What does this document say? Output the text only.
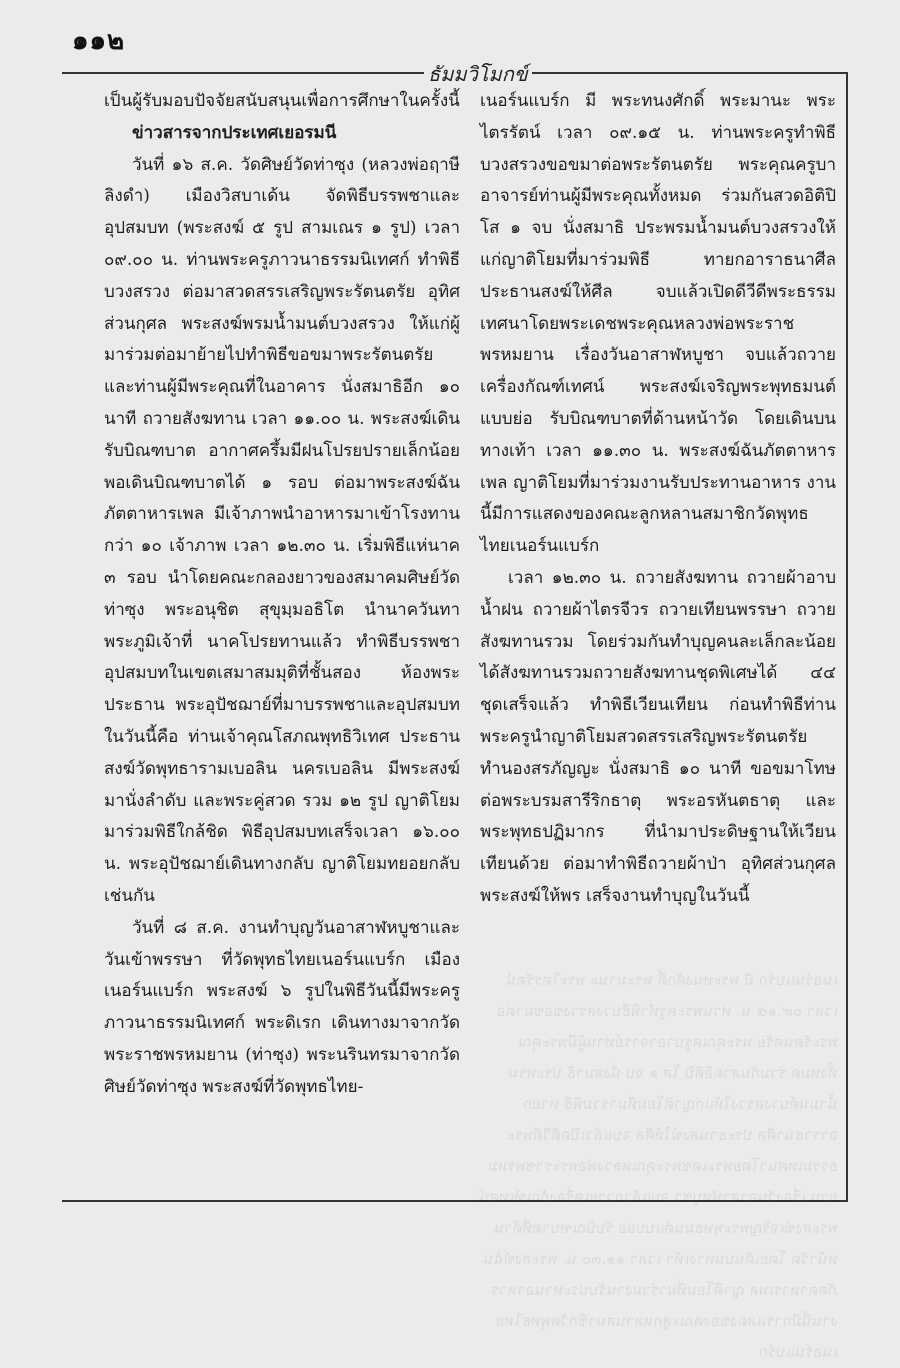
๑๑๒
ธัมมวิโมกข์

เป็นผู้รับมอบปัจจัยสนับสนุนเพื่อการศึกษาในครั้งนี้

ข่าวสารจากประเทศเยอรมนี

วันที่ ๑๖ ส.ค. วัดศิษย์วัดท่าซุง (หลวงพ่อฤาษีลิงดำ) เมืองวิสบาเด้น จัดพิธีบรรพชาและอุปสมบท (พระสงฆ์ ๕ รูป สามเณร ๑ รูป) เวลา ๐๙.๐๐ น. ท่านพระครูภาวนาธรรมนิเทศก์ ทำพิธีบวงสรวง ต่อมาสวดสรรเสริญพระรัตนตรัย อุทิศส่วนกุศล พระสงฆ์พรมน้ำมนต์บวงสรวง ให้แก่ผู้มาร่วมต่อมาย้ายไปทำพิธีขอขมาพระรัตนตรัย และท่านผู้มีพระคุณที่ในอาคาร นั่งสมาธิอีก ๑๐ นาที ถวายสังฆทาน เวลา ๑๑.๐๐ น. พระสงฆ์เดินรับบิณฑบาต อากาศครึ้มมีฝนโปรยปรายเล็กน้อย พอเดินบิณฑบาตได้ ๑ รอบ ต่อมาพระสงฆ์ฉันภัตตาหารเพล มีเจ้าภาพนำอาหารมาเข้าโรงทานกว่า ๑๐ เจ้าภาพ เวลา ๑๒.๓๐ น. เริ่มพิธีแห่นาค ๓ รอบ นำโดยคณะกลองยาวของสมาคมศิษย์วัดท่าซุง พระอนุชิต สุขุมฺมอธิโต นำนาควันทาพระภูมิเจ้าที่ นาคโปรยทานแล้ว ทำพิธีบรรพชาอุปสมบทในเขตเสมาสมมุติที่ชั้นสอง ห้องพระประธาน พระอุปัชฌาย์ที่มาบรรพชาและอุปสมบทในวันนี้คือ ท่านเจ้าคุณโสภณพุทธิวิเทศ ประธานสงฆ์วัดพุทธารามเบอลิน นครเบอลิน มีพระสงฆ์มานั่งลำดับ และพระคู่สวด รวม ๑๒ รูป ญาติโยมมาร่วมพิธีใกล้ชิด พิธีอุปสมบทเสร็จเวลา ๑๖.๐๐ น. พระอุปัชฌาย์เดินทางกลับ ญาติโยมทยอยกลับเช่นกัน

วันที่ ๘ ส.ค. งานทำบุญวันอาสาฬหบูชาและวันเข้าพรรษา ที่วัดพุทธไทยเนอร์นแบร์ก เมืองเนอร์นแบร์ก พระสงฆ์ ๖ รูปในพิธีวันนี้มีพระครูภาวนาธรรมนิเทศก์ พระดิเรก เดินทางมาจากวัดพระราชพรหมยาน (ท่าซุง) พระนรินทรมาจากวัดศิษย์วัดท่าซุง พระสงฆ์ที่วัดพุทธไทย-

เนอร์นแบร์ก มี พระทนงศักดิ์ พระมานะ พระไตรรัตน์ เวลา ๐๙.๑๕ น. ท่านพระครูทำพิธีบวงสรวงขอขมาต่อพระรัตนตรัย พระคุณครูบาอาจารย์ท่านผู้มีพระคุณทั้งหมด ร่วมกันสวดอิติปิ โส ๑ จบ นั่งสมาธิ ประพรมน้ำมนต์บวงสรวงให้แก่ญาติโยมที่มาร่วมพิธี ทายกอาราธนาศีล ประธานสงฆ์ให้ศีล จบแล้วเปิดดีวีดีพระธรรมเทศนาโดยพระเดชพระคุณหลวงพ่อพระราชพรหมยาน เรื่องวันอาสาฬหบูชา จบแล้วถวายเครื่องกัณฑ์เทศน์ พระสงฆ์เจริญพระพุทธมนต์แบบย่อ รับบิณฑบาตที่ด้านหน้าวัด โดยเดินบนทางเท้า เวลา ๑๑.๓๐ น. พระสงฆ์ฉันภัตตาหารเพล ญาติโยมที่มาร่วมงานรับประทานอาหาร งานนี้มีการแสดงของคณะลูกหลานสมาชิกวัดพุทธไทยเนอร์นแบร์ก

เวลา ๑๒.๓๐ น. ถวายสังฆทาน ถวายผ้าอาบน้ำฝน ถวายผ้าไตรจีวร ถวายเทียนพรรษา ถวายสังฆทานรวม โดยร่วมกันทำบุญคนละเล็กละน้อย ได้สังฆทานรวมถวายสังฆทานชุดพิเศษได้ ๔๔ ชุดเสร็จแล้ว ทำพิธีเวียนเทียน ก่อนทำพิธีท่านพระครูนำญาติโยมสวดสรรเสริญพระรัตนตรัย ทำนองสรภัญญะ นั่งสมาธิ ๑๐ นาที ขอขมาโทษต่อพระบรมสารีริกธาตุ พระอรหันตธาตุ และพระพุทธปฏิมากร ที่นำมาประดิษฐานให้เวียนเทียนด้วย ต่อมาทำพิธีถวายผ้าป่า อุทิศส่วนกุศล พระสงฆ์ให้พร เสร็จงานทำบุญในวันนี้

เนอร์นแบร์ก มี พระทนงศักดิ์ พระมานะ พระไตรรัตน์ เวลา ๐๙.๑๕ น. ท่านพระครูทำพิธีบวงสรวงขอขมาต่อพระรัตนตรัย พระคุณครูบาอาจารย์ท่านผู้มีพระคุณทั้งหมด ร่วมกันสวดอิติปิ โส ๑ จบ นั่งสมาธิ ประพรมน้ำมนต์บวงสรวงให้แก่ญาติโยมที่มาร่วมพิธี ทายกอาราธนาศีล ประธานสงฆ์ให้ศีล จบแล้วเปิดดีวีดีพระธรรมเทศนาโดยพระเดชพระคุณหลวงพ่อพระราชพรหมยาน เรื่องวันอาสาฬหบูชา จบแล้วถวายเครื่องกัณฑ์เทศน์ พระสงฆ์เจริญพระพุทธมนต์แบบย่อ รับบิณฑบาตที่ด้านหน้าวัด โดยเดินบนทางเท้า เวลา ๑๑.๓๐ น. พระสงฆ์ฉันภัตตาหารเพล ญาติโยมที่มาร่วมงานรับประทานอาหาร งานนี้มีการแสดงของคณะลูกหลานสมาชิกวัดพุทธไทยเนอร์นแบร์ก
